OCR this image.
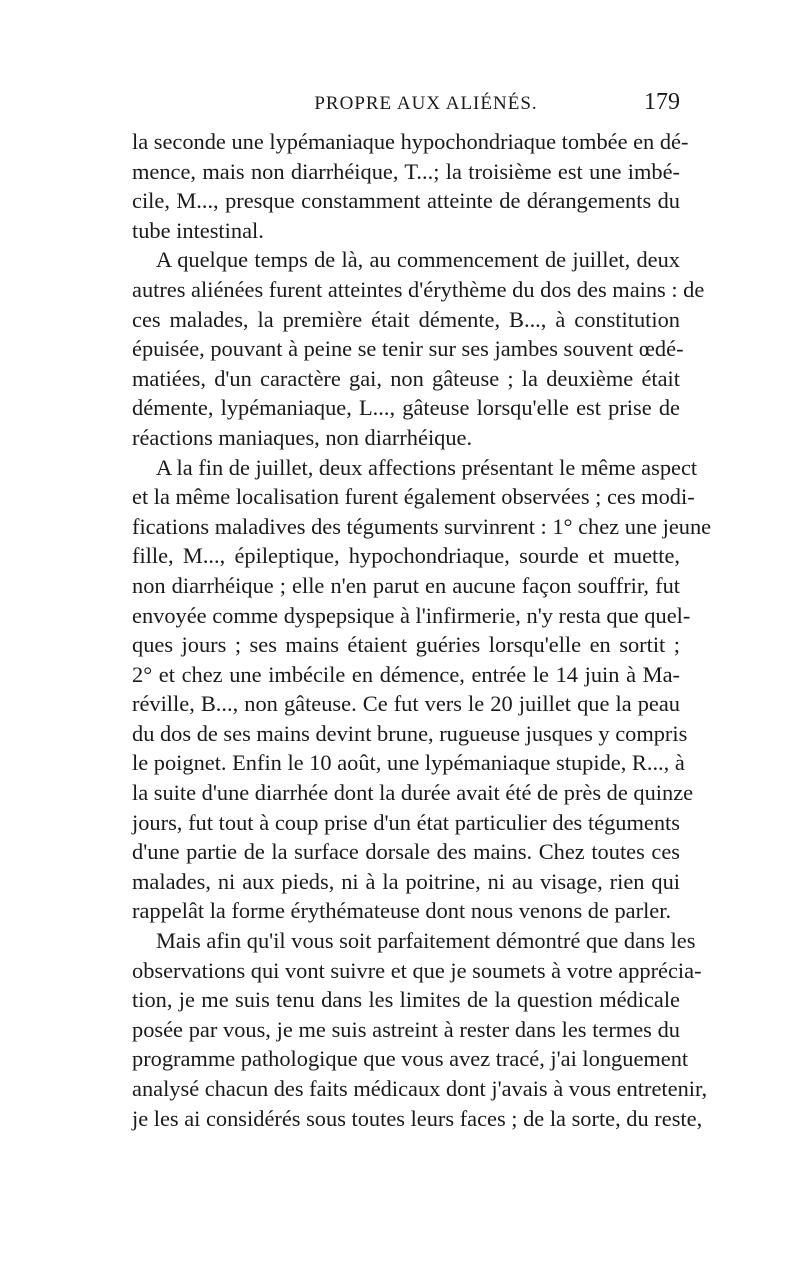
PROPRE AUX ALIÉNÉS.	179
la seconde une lypémaniaque hypochondriaque tombée en dé-
mence, mais non diarrhéique, T...; la troisième est une imbé-
cile, M..., presque constamment atteinte de dérangements du
tube intestinal.
A quelque temps de là, au commencement de juillet, deux
autres aliénées furent atteintes d'érythème du dos des mains : de
ces malades, la première était démente, B..., à constitution
épuisée, pouvant à peine se tenir sur ses jambes souvent œdé-
matiées, d'un caractère gai, non gâteuse ; la deuxième était
démente, lypémaniaque, L..., gâteuse lorsqu'elle est prise de
réactions maniaques, non diarrhéique.
A la fin de juillet, deux affections présentant le même aspect
et la même localisation furent également observées ; ces modi-
fications maladives des téguments survinrent : 1° chez une jeune
fille, M..., épileptique, hypochondriaque, sourde et muette,
non diarrhéique ; elle n'en parut en aucune façon souffrir, fut
envoyée comme dyspepsique à l'infirmerie, n'y resta que quel-
ques jours ; ses mains étaient guéries lorsqu'elle en sortit ;
2° et chez une imbécile en démence, entrée le 14 juin à Ma-
réville, B..., non gâteuse. Ce fut vers le 20 juillet que la peau
du dos de ses mains devint brune, rugueuse jusques y compris
le poignet. Enfin le 10 août, une lypémaniaque stupide, R..., à
la suite d'une diarrhée dont la durée avait été de près de quinze
jours, fut tout à coup prise d'un état particulier des téguments
d'une partie de la surface dorsale des mains. Chez toutes ces
malades, ni aux pieds, ni à la poitrine, ni au visage, rien qui
rappelât la forme érythémateuse dont nous venons de parler.
Mais afin qu'il vous soit parfaitement démontré que dans les
observations qui vont suivre et que je soumets à votre apprécia-
tion, je me suis tenu dans les limites de la question médicale
posée par vous, je me suis astreint à rester dans les termes du
programme pathologique que vous avez tracé, j'ai longuement
analysé chacun des faits médicaux dont j'avais à vous entretenir,
je les ai considérés sous toutes leurs faces ; de la sorte, du reste,
